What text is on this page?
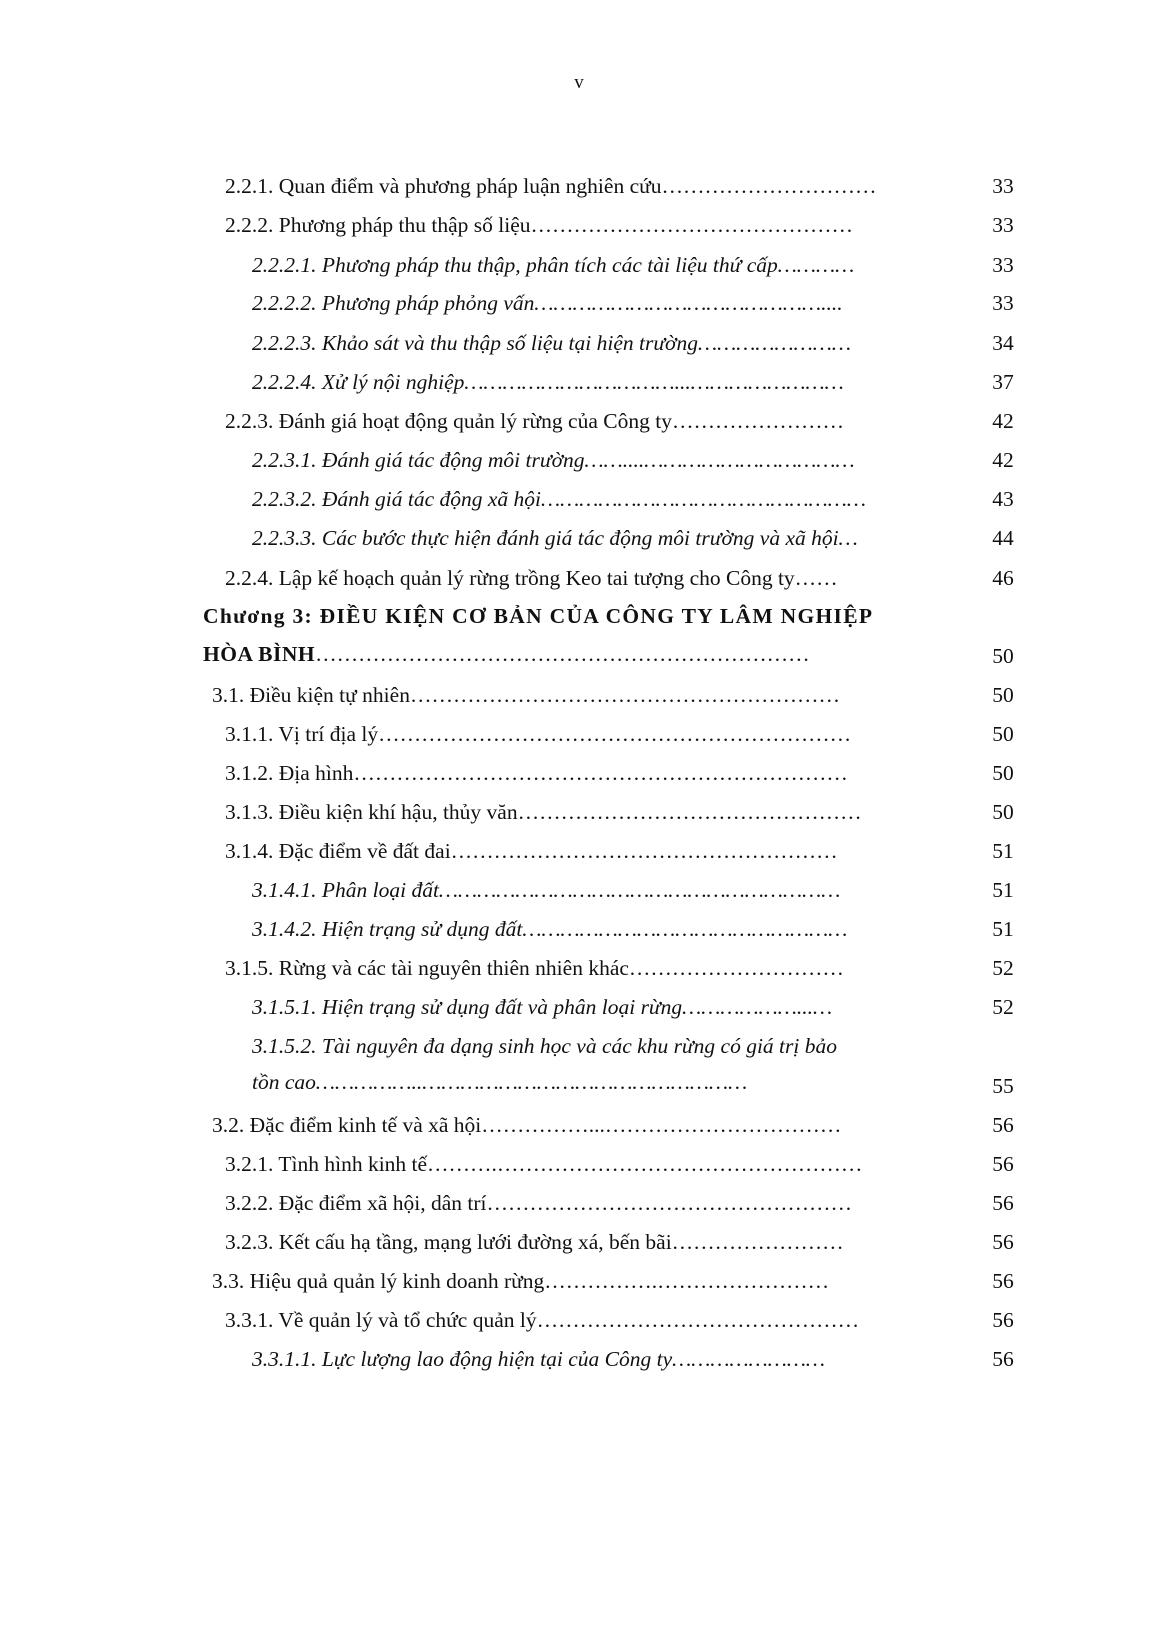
v
2.2.1. Quan điểm và phương pháp luận nghiên cứu…………………………	33
2.2.2. Phương pháp thu thập số liệu………………………………………	33
2.2.2.1. Phương pháp thu thập, phân tích các tài liệu thứ cấp…………	33
2.2.2.2. Phương pháp phỏng vấn………………………………………....	33
2.2.2.3. Khảo sát và thu thập số liệu tại hiện trường……………………	34
2.2.2.4. Xử lý nội nghiệp……………………………...……………………	37
2.2.3. Đánh giá hoạt động quản lý rừng của Công ty……………………	42
2.2.3.1. Đánh giá tác động môi trường……....……………………………	42
2.2.3.2. Đánh giá tác động xã hội……………………………………………	43
2.2.3.3. Các bước thực hiện đánh giá tác động môi trường và xã hội…	44
2.2.4. Lập kế hoạch quản lý rừng trồng Keo tai tượng cho Công ty……	46
Chương 3: ĐIỀU KIỆN CƠ BẢN CỦA CÔNG TY LÂM NGHIỆP
HÒA BÌNH……………………………………………………………	50
3.1. Điều kiện tự nhiên……………………………………………………	50
3.1.1. Vị trí địa lý…………………………………………………………	50
3.1.2. Địa hình……………………………………………………………	50
3.1.3. Điều kiện khí hậu, thủy văn…………………………………………	50
3.1.4. Đặc điểm về đất đai………………………………………………	51
3.1.4.1. Phân loại đất………………………………………………………	51
3.1.4.2. Hiện trạng sử dụng đất……………………………………………	51
3.1.5. Rừng và các tài nguyên thiên nhiên khác…………………………	52
3.1.5.1. Hiện trạng sử dụng đất và phân loại rừng………………...…	52
3.1.5.2. Tài nguyên đa dạng sinh học và các khu rừng có giá trị bảo
tồn cao……………..……………………………………………	55
3.2. Đặc điểm kinh tế và xã hội……………...……………………………	56
3.2.1. Tình hình kinh tế……….……………………………………………	56
3.2.2. Đặc điểm xã hội, dân trí……………………………………………	56
3.2.3. Kết cấu hạ tầng, mạng lưới đường xá, bến bãi……………………	56
3.3. Hiệu quả quản lý kinh doanh rừng…………….……………………	56
3.3.1. Về quản lý và tổ chức quản lý………………………………………	56
3.3.1.1. Lực lượng lao động hiện tại của Công ty……………………	56
